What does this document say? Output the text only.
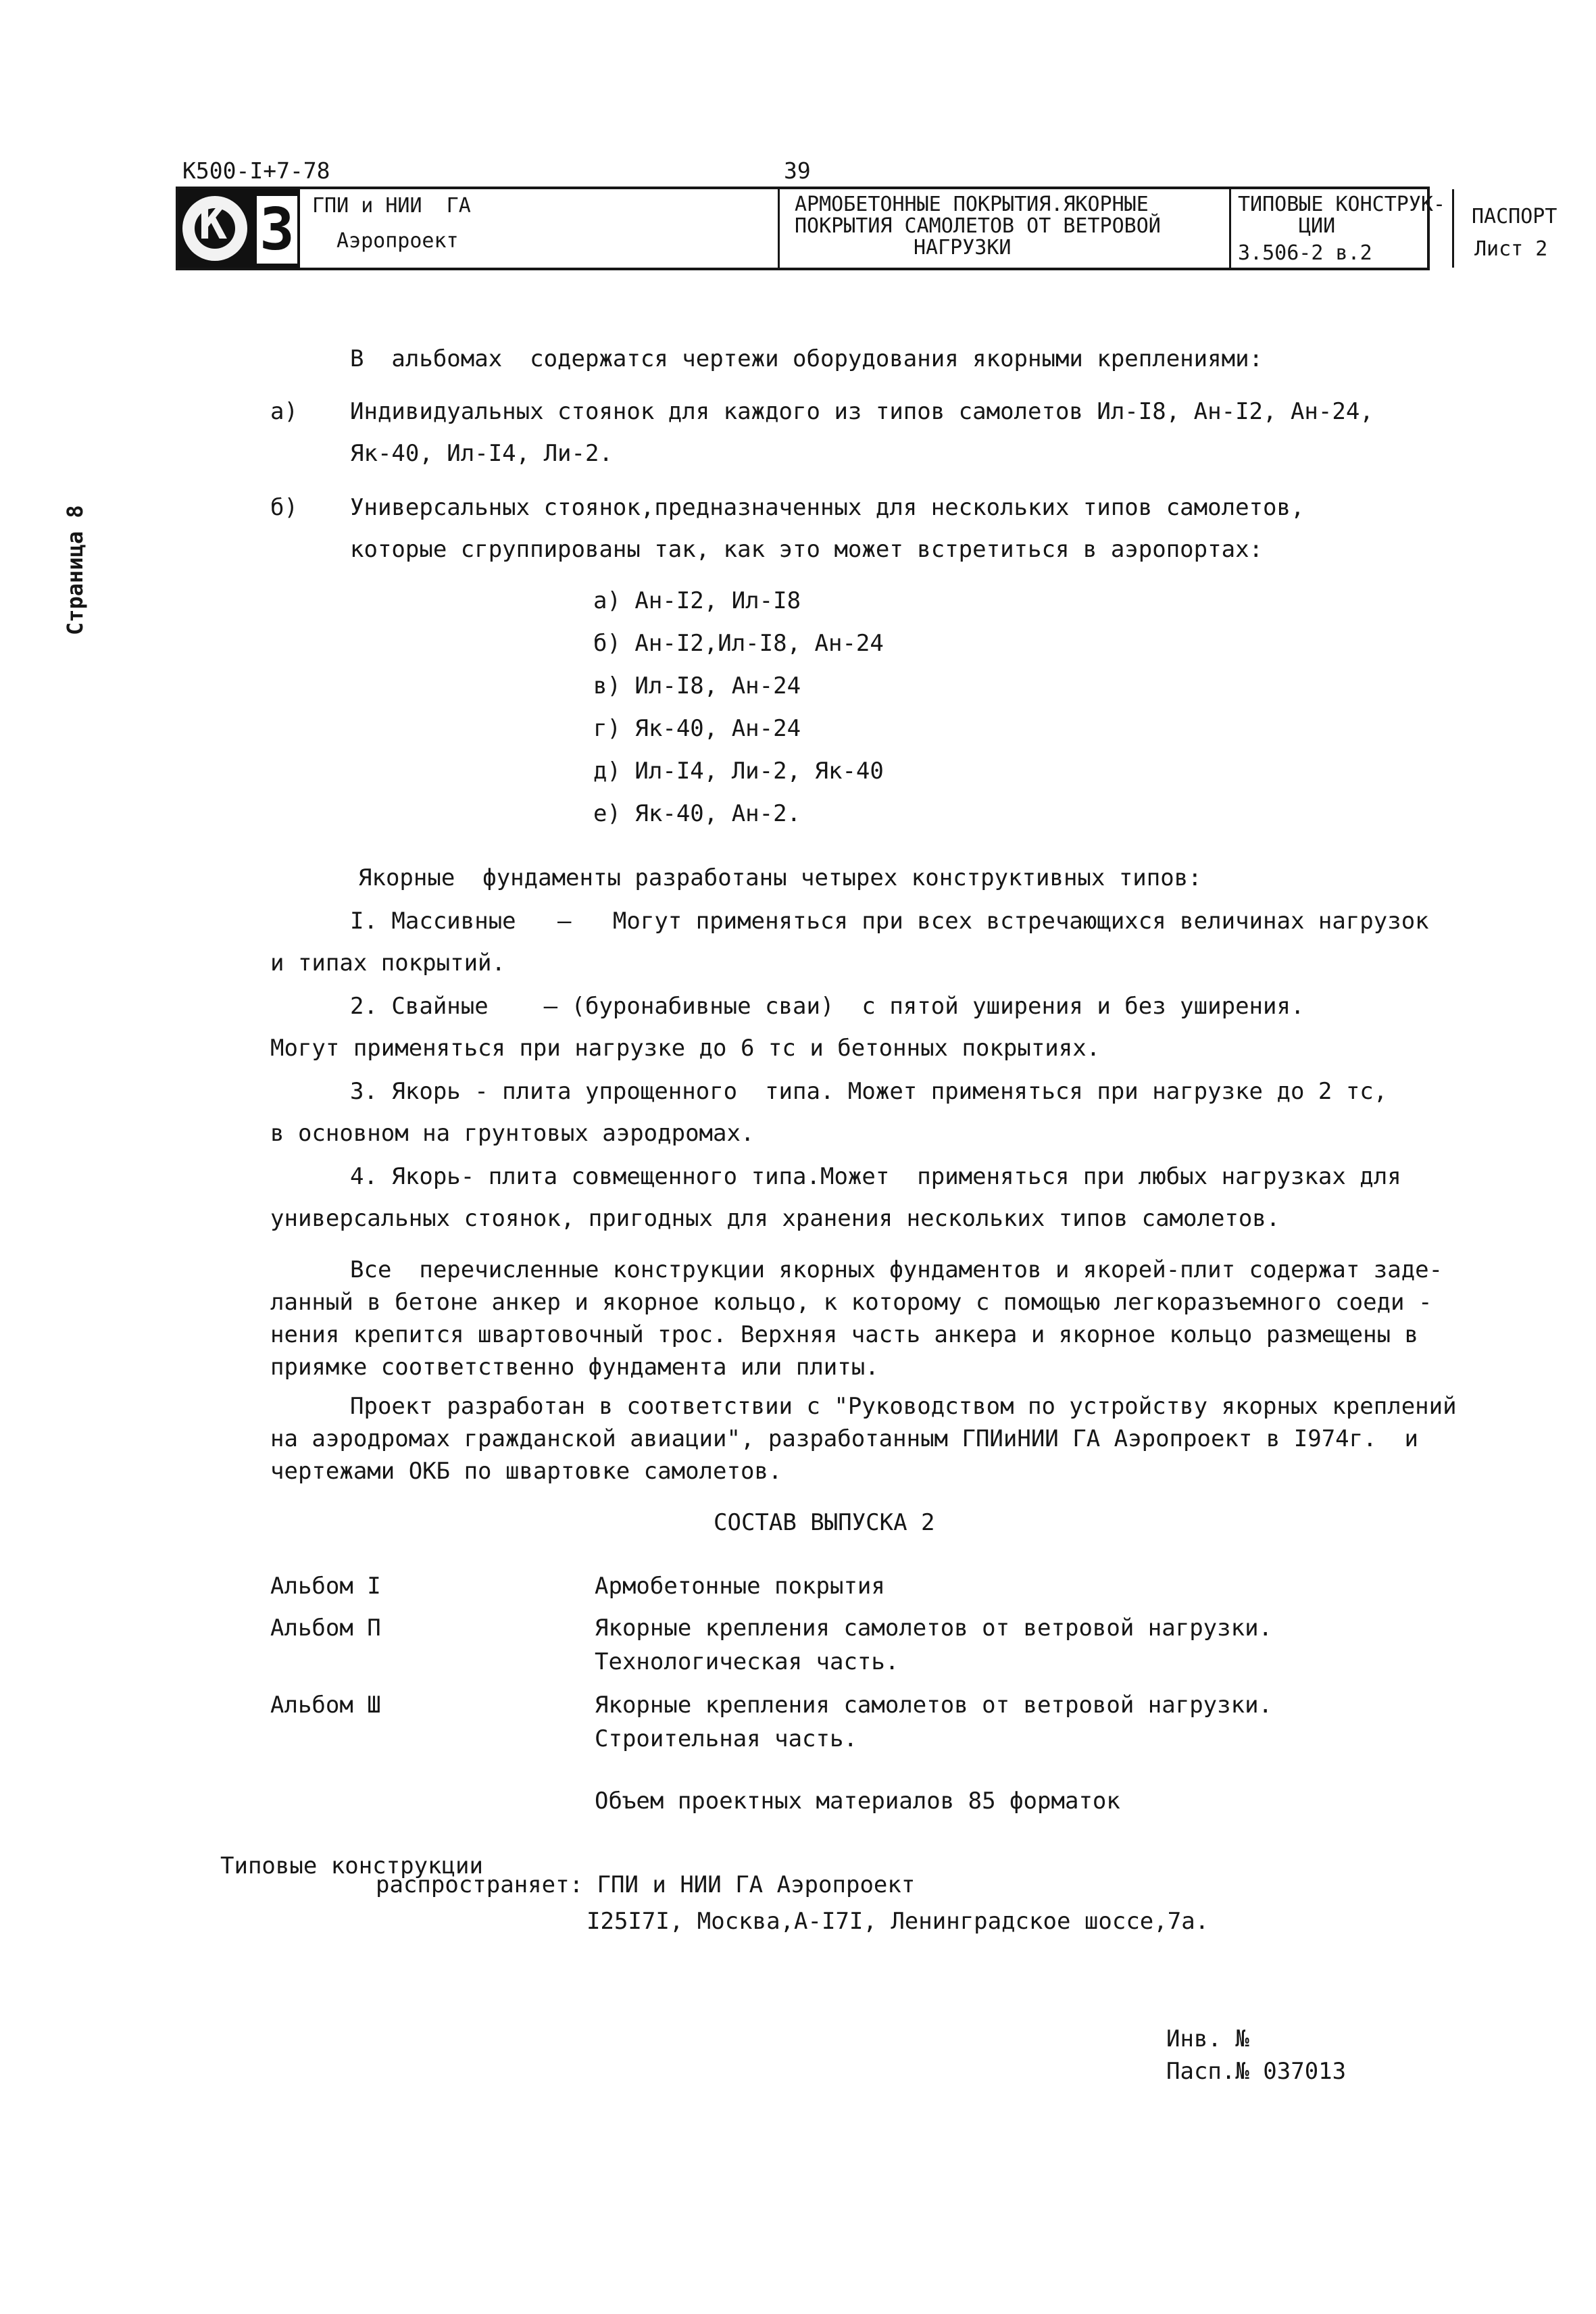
К500-І+7-78	39
K 3 ГПИ и НИИ  ГА
Аэропроект
АРМОБЕТОННЫЕ ПОКРЫТИЯ.ЯКОРНЫЕ
ПОКРЫТИЯ САМОЛЕТОВ ОТ ВЕТРОВОЙ
НАГРУЗКИ
ТИПОВЫЕ КОНСТРУК-
ЦИИ
3.506-2 в.2
ПАСПОРТ
Лист 2
Страница 8
В  альбомах  содержатся чертежи оборудования якорными креплениями:
а) Индивидуальных стоянок для каждого из типов самолетов Ил-І8, Ан-І2, Ан-24,
Як-40, Ил-І4, Ли-2.
б) Универсальных стоянок,предназначенных для нескольких типов самолетов,
которые сгруппированы так, как это может встретиться в аэропортах:
а) Ан-І2, Ил-І8
б) Ан-І2,Ил-І8, Ан-24
в) Ил-І8, Ан-24
г) Як-40, Ан-24
д) Ил-І4, Ли-2, Як-40
е) Як-40, Ан-2.
Якорные  фундаменты разработаны четырех конструктивных типов:
І. Массивные   —   Могут применяться при всех встречающихся величинах нагрузок
и типах покрытий.
2. Свайные    — (буронабивные сваи)  с пятой уширения и без уширения.
Могут применяться при нагрузке до 6 тс и бетонных покрытиях.
3. Якорь - плита упрощенного  типа. Может применяться при нагрузке до 2 тс,
в основном на грунтовых аэродромах.
4. Якорь- плита совмещенного типа.Может  применяться при любых нагрузках для
универсальных стоянок, пригодных для хранения нескольких типов самолетов.
Все  перечисленные конструкции якорных фундаментов и якорей-плит содержат заде-
ланный в бетоне анкер и якорное кольцо, к которому с помощью легкоразъемного соеди -
нения крепится швартовочный трос. Верхняя часть анкера и якорное кольцо размещены в
приямке соответственно фундамента или плиты.
Проект разработан в соответствии с "Руководством по устройству якорных креплений
на аэродромах гражданской авиации", разработанным ГПИиНИИ ГА Аэропроект в І974г.  и
чертежами ОКБ по швартовке самолетов.
СОСТАВ ВЫПУСКА 2
Альбом І	Армобетонные покрытия
Альбом П	Якорные крепления самолетов от ветровой нагрузки.
Технологическая часть.
Альбом Ш	Якорные крепления самолетов от ветровой нагрузки.
Строительная часть.
Объем проектных материалов 85 форматок
Типовые конструкции
распространяет: ГПИ и НИИ ГА Аэропроект
І25І7І, Москва,А-І7І, Ленинградское шоссе,7а.
Инв. №
Пасп.№ 037013
